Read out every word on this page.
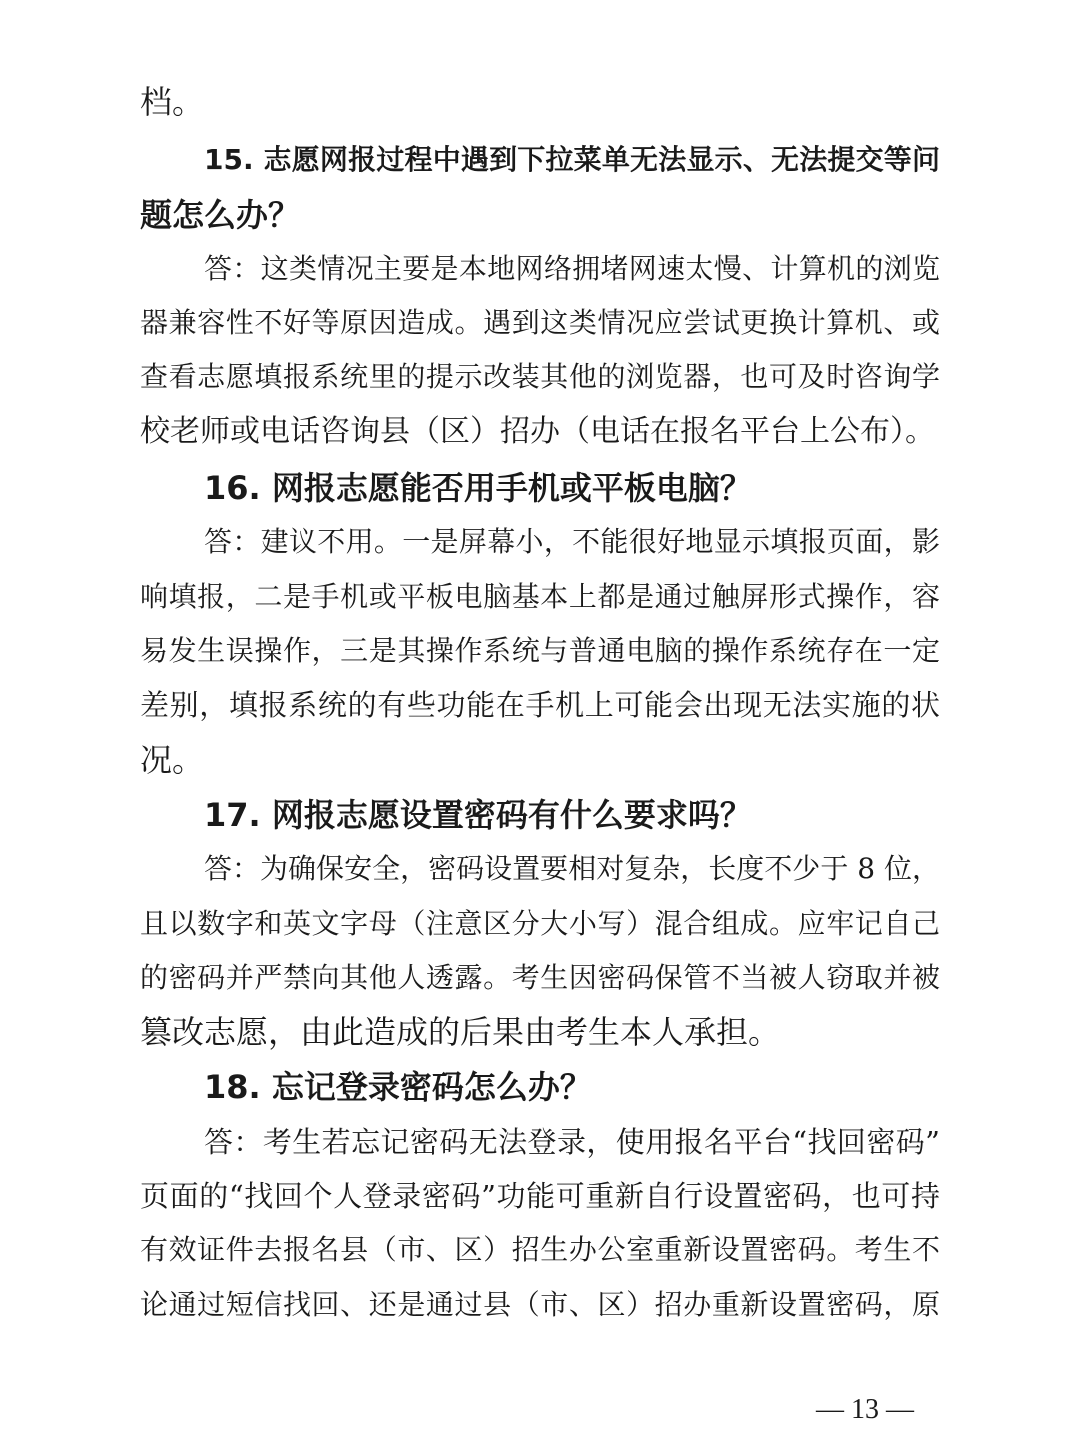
档。
15. 志愿网报过程中遇到下拉菜单无法显示、无法提交等问
题怎么办？
答：这类情况主要是本地网络拥堵网速太慢、计算机的浏览
器兼容性不好等原因造成。遇到这类情况应尝试更换计算机、或
查看志愿填报系统里的提示改装其他的浏览器，也可及时咨询学
校老师或电话咨询县（区）招办（电话在报名平台上公布）。
16. 网报志愿能否用手机或平板电脑？
答：建议不用。一是屏幕小，不能很好地显示填报页面，影
响填报，二是手机或平板电脑基本上都是通过触屏形式操作，容
易发生误操作，三是其操作系统与普通电脑的操作系统存在一定
差别，填报系统的有些功能在手机上可能会出现无法实施的状
况。
17. 网报志愿设置密码有什么要求吗？
答：为确保安全，密码设置要相对复杂，长度不少于 8 位，
且以数字和英文字母（注意区分大小写）混合组成。应牢记自己
的密码并严禁向其他人透露。考生因密码保管不当被人窃取并被
篡改志愿，由此造成的后果由考生本人承担。
18. 忘记登录密码怎么办？
答：考生若忘记密码无法登录，使用报名平台“找回密码”
页面的“找回个人登录密码”功能可重新自行设置密码，也可持
有效证件去报名县（市、区）招生办公室重新设置密码。考生不
论通过短信找回、还是通过县（市、区）招办重新设置密码，原
— 13 —
